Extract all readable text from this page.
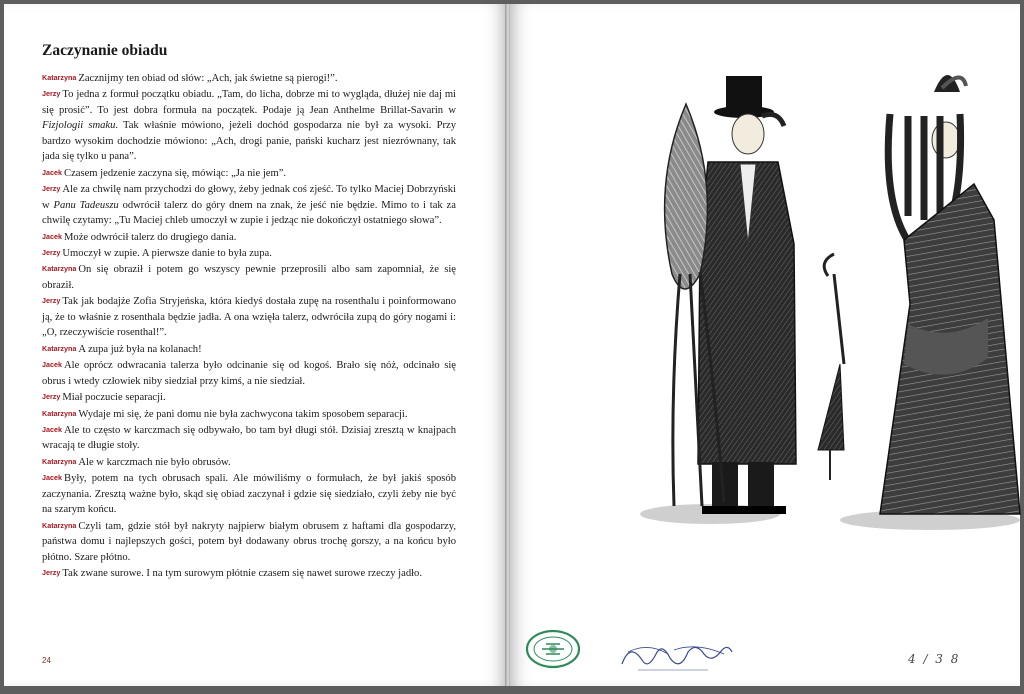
Zaczynanie obiadu

Katarzyna Zacznijmy ten obiad od słów: „Ach, jak świetne są pierogi!”.

Jerzy To jedna z formuł początku obiadu. „Tam, do licha, dobrze mi to wygląda, dłużej nie daj mi się prosić”. To jest dobra formuła na początek. Podaje ją Jean Anthelme Brillat-Savarin w Fizjologii smaku. Tak właśnie mówiono, jeżeli dochód gospodarza nie był za wysoki. Przy bardzo wysokim dochodzie mówiono: „Ach, drogi panie, pański kucharz jest niezrównany, tak jada się tylko u pana”.

Jacek Czasem jedzenie zaczyna się, mówiąc: „Ja nie jem”.

Jerzy Ale za chwilę nam przychodzi do głowy, żeby jednak coś zjeść. To tylko Maciej Dobrzyński w Panu Tadeuszu odwrócił talerz do góry dnem na znak, że jeść nie będzie. Mimo to i tak za chwilę czytamy: „Tu Maciej chleb umoczył w zupie i jedząc nie dokończył ostatniego słowa”.

Jacek Może odwrócił talerz do drugiego dania.

Jerzy Umoczył w zupie. A pierwsze danie to była zupa.

Katarzyna On się obraził i potem go wszyscy pewnie przeprosili albo sam zapomniał, że się obraził.

Jerzy Tak jak bodajże Zofia Stryjeńska, która kiedyś dostała zupę na rosenthalu i poinformowano ją, że to właśnie z rosenthala będzie jadła. A ona wzięła talerz, odwróciła zupą do góry nogami i: „O, rzeczywiście rosenthal!”.

Katarzyna A zupa już była na kolanach!

Jacek Ale oprócz odwracania talerza było odcinanie się od kogoś. Brało się nóż, odcinało się obrus i wtedy człowiek niby siedział przy kimś, a nie siedział.

Jerzy Miał poczucie separacji.

Katarzyna Wydaje mi się, że pani domu nie była zachwycona takim sposobem separacji.

Jacek Ale to często w karczmach się odbywało, bo tam był długi stół. Dzisiaj zresztą w knajpach wracają te długie stoły.

Katarzyna Ale w karczmach nie było obrusów.

Jacek Były, potem na tych obrusach spali. Ale mówiliśmy o formułach, że był jakiś sposób zaczynania. Zresztą ważne było, skąd się obiad zaczynał i gdzie się siedziało, czyli żeby nie być na szarym końcu.

Katarzyna Czyli tam, gdzie stół był nakryty najpierw białym obrusem z haftami dla gospodarzy, państwa domu i najlepszych gości, potem był dodawany obrus trochę gorszy, a na końcu było płótno. Szare płótno.

Jerzy Tak zwane surowe. I na tym surowym płótnie czasem się nawet surowe rzeczy jadło.

24	4 / 3 8
